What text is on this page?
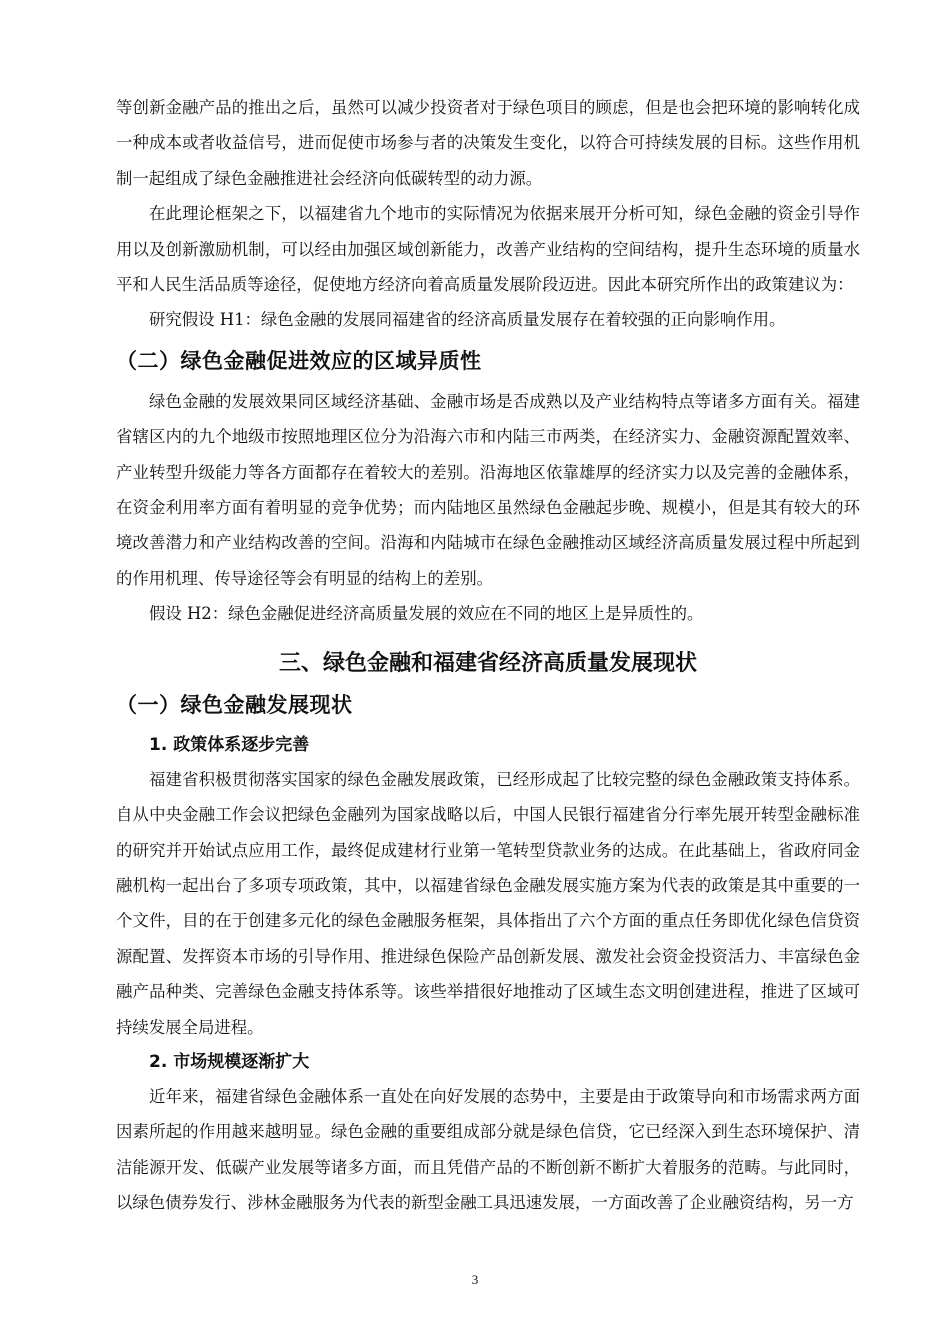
等创新金融产品的推出之后，虽然可以减少投资者对于绿色项目的顾虑，但是也会把环境的影响转化成一种成本或者收益信号，进而促使市场参与者的决策发生变化，以符合可持续发展的目标。这些作用机制一起组成了绿色金融推进社会经济向低碳转型的动力源。

在此理论框架之下，以福建省九个地市的实际情况为依据来展开分析可知，绿色金融的资金引导作用以及创新激励机制，可以经由加强区域创新能力，改善产业结构的空间结构，提升生态环境的质量水平和人民生活品质等途径，促使地方经济向着高质量发展阶段迈进。因此本研究所作出的政策建议为：

研究假设 H1：绿色金融的发展同福建省的经济高质量发展存在着较强的正向影响作用。

（二）绿色金融促进效应的区域异质性

绿色金融的发展效果同区域经济基础、金融市场是否成熟以及产业结构特点等诸多方面有关。福建省辖区内的九个地级市按照地理区位分为沿海六市和内陆三市两类，在经济实力、金融资源配置效率、产业转型升级能力等各方面都存在着较大的差别。沿海地区依靠雄厚的经济实力以及完善的金融体系，在资金利用率方面有着明显的竞争优势；而内陆地区虽然绿色金融起步晚、规模小，但是其有较大的环境改善潜力和产业结构改善的空间。沿海和内陆城市在绿色金融推动区域经济高质量发展过程中所起到的作用机理、传导途径等会有明显的结构上的差别。

假设 H2：绿色金融促进经济高质量发展的效应在不同的地区上是异质性的。

三、绿色金融和福建省经济高质量发展现状
（一）绿色金融发展现状
1. 政策体系逐步完善

福建省积极贯彻落实国家的绿色金融发展政策，已经形成起了比较完整的绿色金融政策支持体系。自从中央金融工作会议把绿色金融列为国家战略以后，中国人民银行福建省分行率先展开转型金融标准的研究并开始试点应用工作，最终促成建材行业第一笔转型贷款业务的达成。在此基础上，省政府同金融机构一起出台了多项专项政策，其中，以福建省绿色金融发展实施方案为代表的政策是其中重要的一个文件，目的在于创建多元化的绿色金融服务框架，具体指出了六个方面的重点任务即优化绿色信贷资源配置、发挥资本市场的引导作用、推进绿色保险产品创新发展、激发社会资金投资活力、丰富绿色金融产品种类、完善绿色金融支持体系等。该些举措很好地推动了区域生态文明创建进程，推进了区域可持续发展全局进程。

2. 市场规模逐渐扩大

近年来，福建省绿色金融体系一直处在向好发展的态势中，主要是由于政策导向和市场需求两方面因素所起的作用越来越明显。绿色金融的重要组成部分就是绿色信贷，它已经深入到生态环境保护、清洁能源开发、低碳产业发展等诸多方面，而且凭借产品的不断创新不断扩大着服务的范畴。与此同时，以绿色债券发行、涉林金融服务为代表的新型金融工具迅速发展，一方面改善了企业融资结构，另一方

3
